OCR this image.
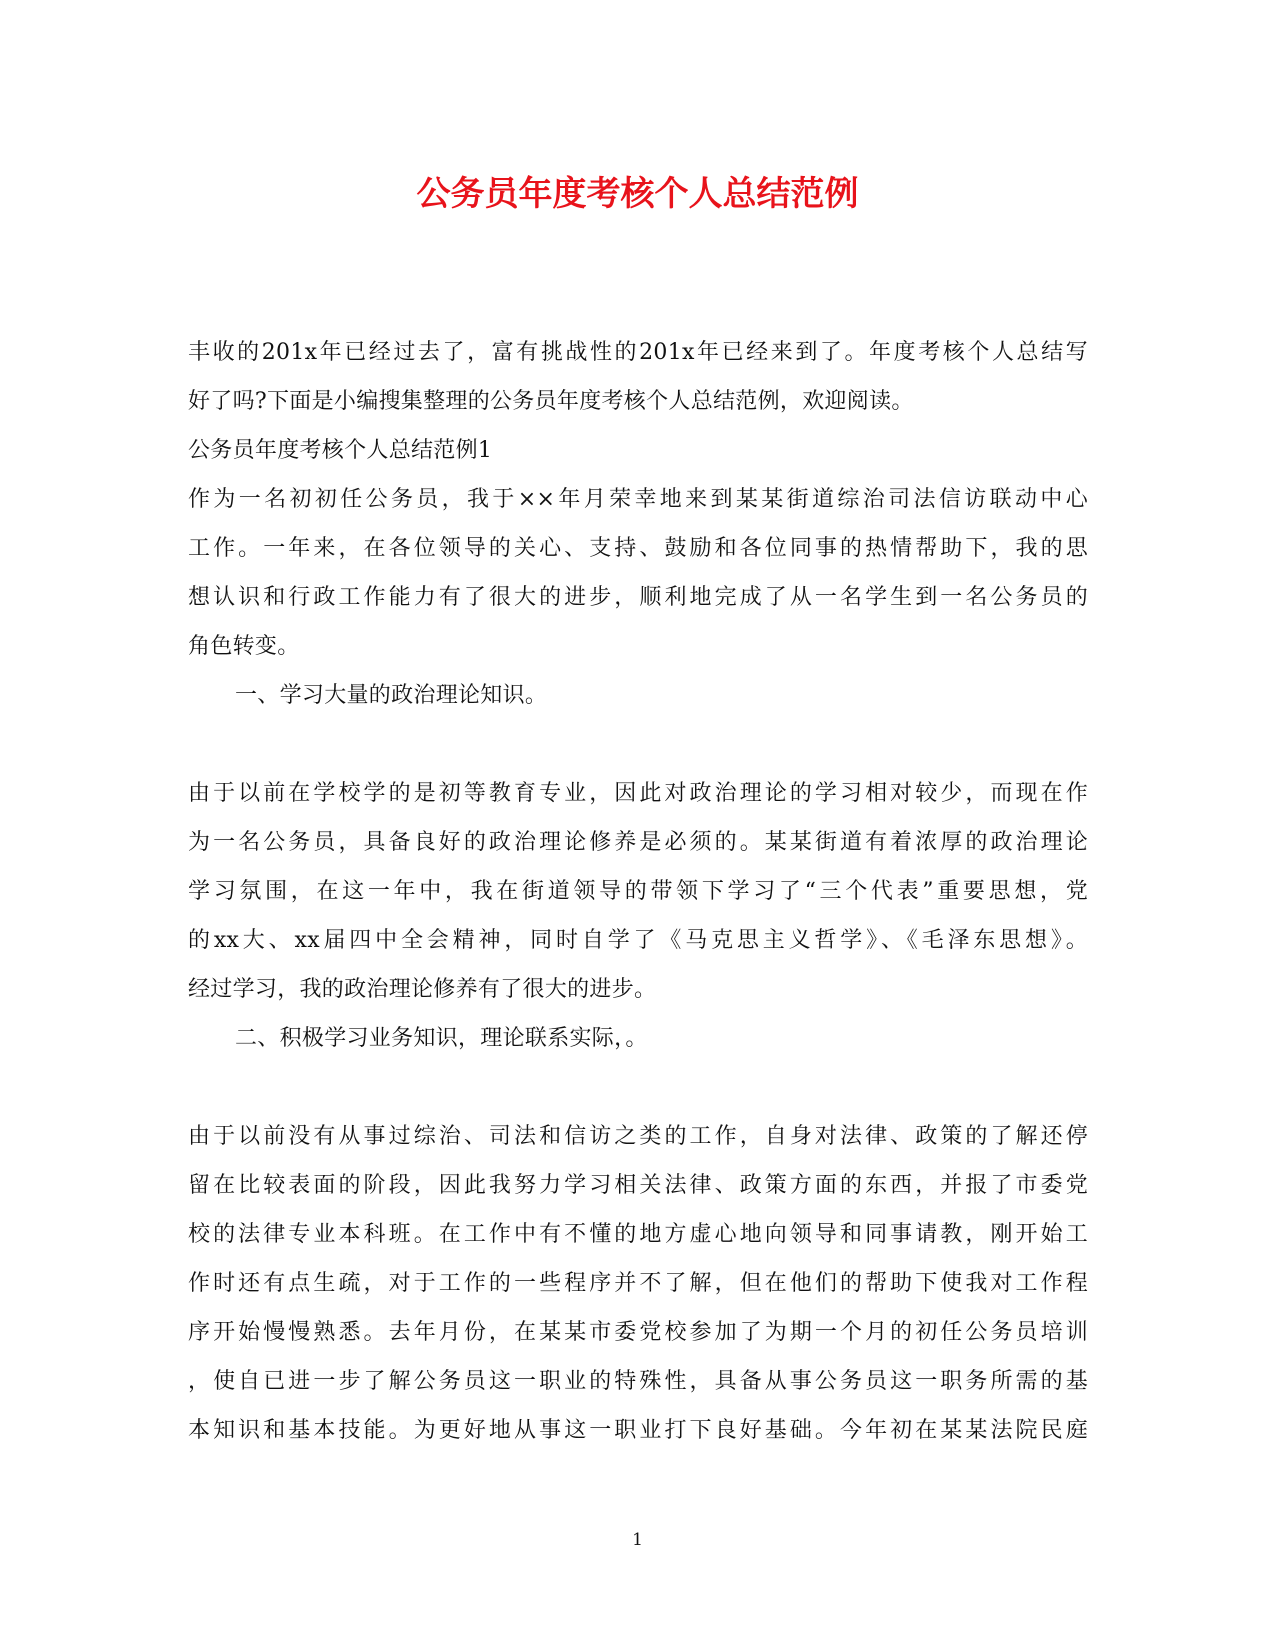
公务员年度考核个人总结范例
丰收的201x年已经过去了，富有挑战性的201x年已经来到了。年度考核个人总结写
好了吗?下面是小编搜集整理的公务员年度考核个人总结范例，欢迎阅读。
公务员年度考核个人总结范例1
作为一名初初任公务员，我于××年月荣幸地来到某某街道综治司法信访联动中心
工作。一年来，在各位领导的关心、支持、鼓励和各位同事的热情帮助下，我的思
想认识和行政工作能力有了很大的进步，顺利地完成了从一名学生到一名公务员的
角色转变。
一、学习大量的政治理论知识。
由于以前在学校学的是初等教育专业，因此对政治理论的学习相对较少，而现在作
为一名公务员，具备良好的政治理论修养是必须的。某某街道有着浓厚的政治理论
学习氛围，在这一年中，我在街道领导的带领下学习了“三个代表”重要思想，党
的xx大、xx届四中全会精神，同时自学了《马克思主义哲学》、《毛泽东思想》。
经过学习，我的政治理论修养有了很大的进步。
二、积极学习业务知识，理论联系实际，。
由于以前没有从事过综治、司法和信访之类的工作，自身对法律、政策的了解还停
留在比较表面的阶段，因此我努力学习相关法律、政策方面的东西，并报了市委党
校的法律专业本科班。在工作中有不懂的地方虚心地向领导和同事请教，刚开始工
作时还有点生疏，对于工作的一些程序并不了解，但在他们的帮助下使我对工作程
序开始慢慢熟悉。去年月份，在某某市委党校参加了为期一个月的初任公务员培训
，使自已进一步了解公务员这一职业的特殊性，具备从事公务员这一职务所需的基
本知识和基本技能。为更好地从事这一职业打下良好基础。今年初在某某法院民庭
1
